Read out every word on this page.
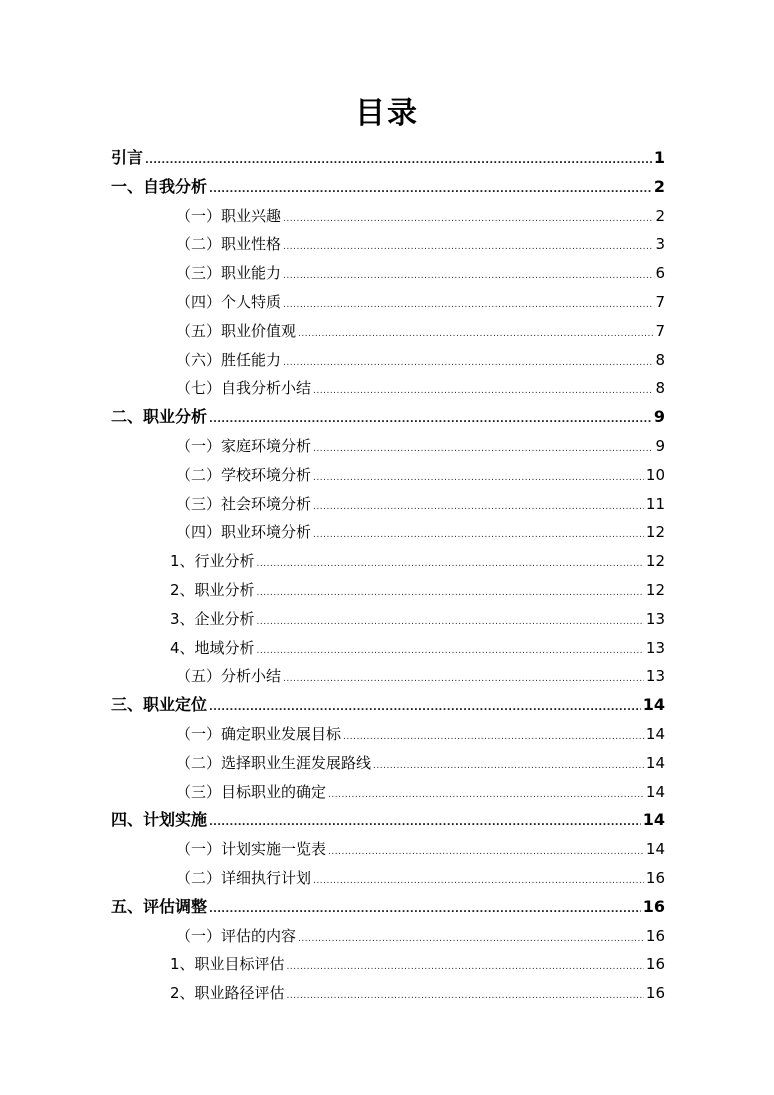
目录
引言 .....	1
一、自我分析 .....	2
（一）职业兴趣 .....	2
（二）职业性格 .....	3
（三）职业能力 .....	6
（四）个人特质 .....	7
（五）职业价值观 .....	7
（六）胜任能力 .....	8
（七）自我分析小结 .....	8
二、职业分析 .....	9
（一）家庭环境分析 .....	9
（二）学校环境分析 .....	10
（三）社会环境分析 .....	11
（四）职业环境分析 .....	12
1、行业分析 .....	12
2、职业分析 .....	12
3、企业分析 .....	13
4、地域分析 .....	13
（五）分析小结 .....	13
三、职业定位 .....	14
（一）确定职业发展目标 .....	14
（二）选择职业生涯发展路线 .....	14
（三）目标职业的确定 .....	14
四、计划实施 .....	14
（一）计划实施一览表 .....	14
（二）详细执行计划 .....	16
五、评估调整 .....	16
（一）评估的内容 .....	16
1、职业目标评估 .....	16
2、职业路径评估 .....	16
